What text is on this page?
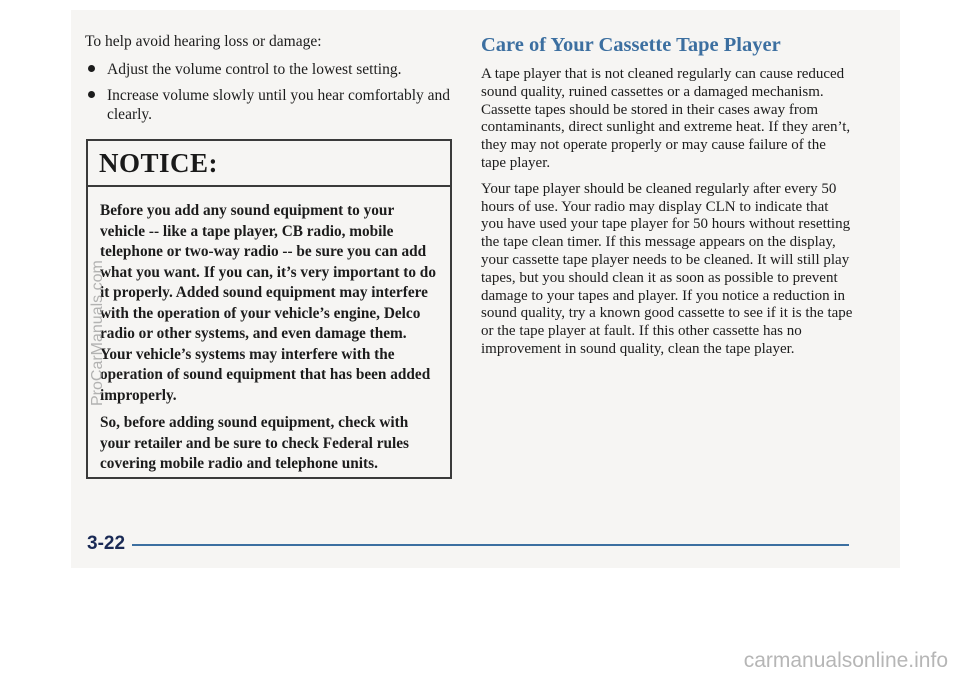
To help avoid hearing loss or damage:

Adjust the volume control to the lowest setting.
Increase volume slowly until you hear comfortably and clearly.
NOTICE:

Before you add any sound equipment to your vehicle -- like a tape player, CB radio, mobile telephone or two-way radio -- be sure you can add what you want. If you can, it’s very important to do it properly. Added sound equipment may interfere with the operation of your vehicle’s engine, Delco radio or other systems, and even damage them. Your vehicle’s systems may interfere with the operation of sound equipment that has been added improperly.

So, before adding sound equipment, check with your retailer and be sure to check Federal rules covering mobile radio and telephone units.

Care of Your Cassette Tape Player

A tape player that is not cleaned regularly can cause reduced sound quality, ruined cassettes or a damaged mechanism. Cassette tapes should be stored in their cases away from contaminants, direct sunlight and extreme heat. If they aren’t, they may not operate properly or may cause failure of the tape player.

Your tape player should be cleaned regularly after every 50 hours of use. Your radio may display CLN to indicate that you have used your tape player for 50 hours without resetting the tape clean timer. If this message appears on the display, your cassette tape player needs to be cleaned. It will still play tapes, but you should clean it as soon as possible to prevent damage to your tapes and player. If you notice a reduction in sound quality, try a known good cassette to see if it is the tape or the tape player at fault. If this other cassette has no improvement in sound quality, clean the tape player.

3-22
ProCarManuals.com
carmanualsonline.info
